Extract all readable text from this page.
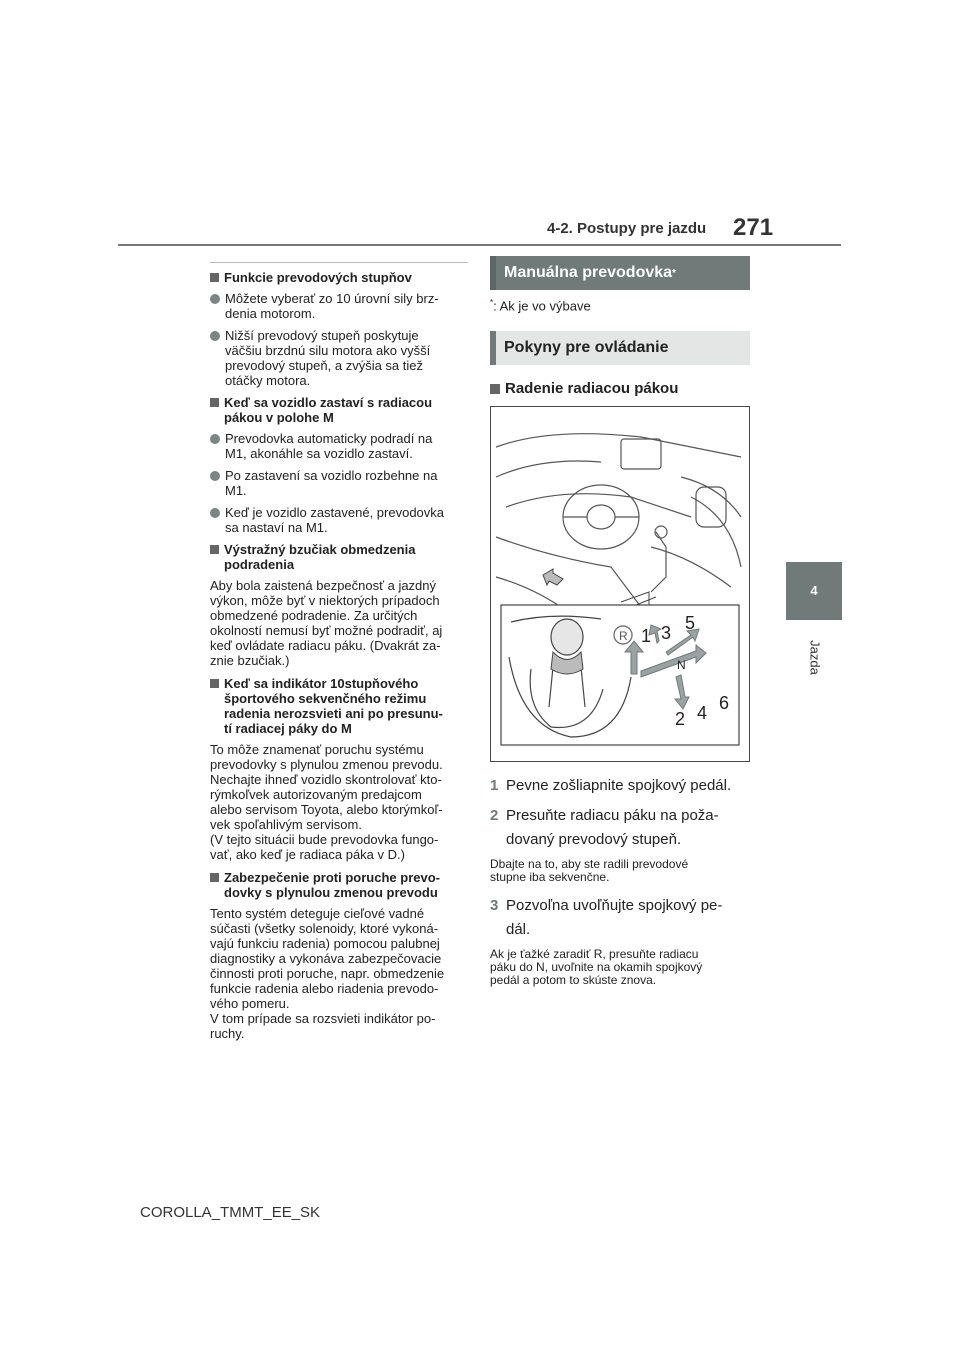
4-2. Postupy pre jazdu 271
4
Jazda
Funkcie prevodových stupňov
Môžete vyberať zo 10 úrovní sily brz-
denia motorom.
Nižší prevodový stupeň poskytuje
väčšiu brzdnú silu motora ako vyšší
prevodový stupeň, a zvýšia sa tiež
otáčky motora.
Keď sa vozidlo zastaví s radiacou
pákou v polohe M
Prevodovka automaticky podradí na
M1, akonáhle sa vozidlo zastaví.
Po zastavení sa vozidlo rozbehne na
M1.
Keď je vozidlo zastavené, prevodovka
sa nastaví na M1.
Výstražný bzučiak obmedzenia
podradenia
Aby bola zaistená bezpečnosť a jazdný
výkon, môže byť v niektorých prípadoch
obmedzené podradenie. Za určitých
okolností nemusí byť možné podradiť, aj
keď ovládate radiacu páku. (Dvakrát za-
znie bzučiak.)
Keď sa indikátor 10stupňového
športového sekvenčného režimu
radenia nerozsvieti ani po presunu-
tí radiacej páky do M
To môže znamenať poruchu systému
prevodovky s plynulou zmenou prevodu.
Nechajte ihneď vozidlo skontrolovať kto-
rýmkoľvek autorizovaným predajcom
alebo servisom Toyota, alebo ktorýmkoľ-
vek spoľahlivým servisom.
(V tejto situácii bude prevodovka fungo-
vať, ako keď je radiaca páka v D.)
Zabezpečenie proti poruche prevo-
dovky s plynulou zmenou prevodu
Tento systém deteguje cieľové vadné
súčasti (všetky solenoidy, ktoré vykoná-
vajú funkciu radenia) pomocou palubnej
diagnostiky a vykonáva zabezpečovacie
činnosti proti poruche, napr. obmedzenie
funkcie radenia alebo riadenia prevodo-
vého pomeru.
V tom prípade sa rozsvieti indikátor po-
ruchy.
Manuálna prevodovka *
*: Ak je vo výbave
Pokyny pre ovládanie
Radenie radiacou pákou
R 1 3 5
N
2 4 6
1 Pevne zošliapnite spojkový pedál.
2 Presuňte radiacu páku na poža-
dovaný prevodový stupeň.
Dbajte na to, aby ste radili prevodové
stupne iba sekvenčne.
3 Pozvoľna uvoľňujte spojkový pe-
dál.
Ak je ťažké zaradiť R, presuňte radiacu
páku do N, uvoľnite na okamih spojkový
pedál a potom to skúste znova.
COROLLA_TMMT_EE_SK
